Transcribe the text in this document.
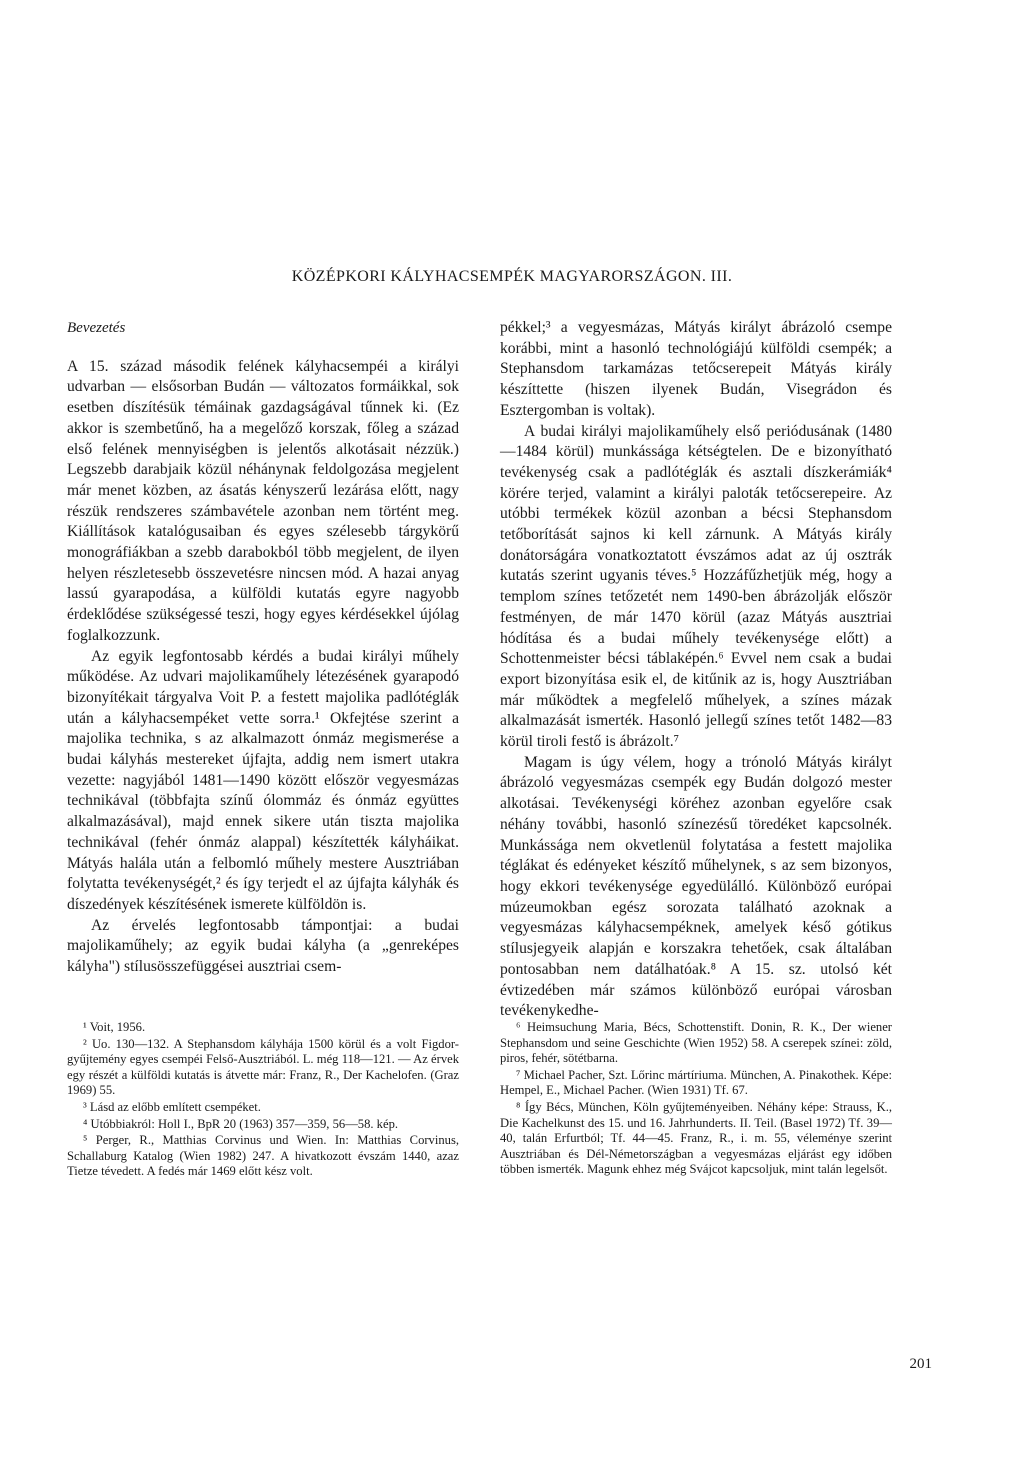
KÖZÉPKORI KÁLYHACSEMPÉK MAGYARORSZÁGON. III.
Bevezetés

A 15. század második felének kályhacsempéi a királyi udvarban — elsősorban Budán — változatos formáikkal, sok esetben díszítésük témáinak gazdagságával tűnnek ki. (Ez akkor is szembetűnő, ha a megelőző korszak, főleg a század első felének mennyiségben is jelentős alkotásait nézzük.) Legszebb darabjaik közül néhánynak feldolgozása megjelent már menet közben, az ásatás kényszerű lezárása előtt, nagy részük rendszeres számbavétele azonban nem történt meg. Kiállítások katalógusaiban és egyes szélesebb tárgykörű monográfiákban a szebb darabokból több megjelent, de ilyen helyen részletesebb összevetésre nincsen mód. A hazai anyag lassú gyarapodása, a külföldi kutatás egyre nagyobb érdeklődése szükségessé teszi, hogy egyes kérdésekkel újólag foglalkozzunk.

Az egyik legfontosabb kérdés a budai királyi műhely működése. Az udvari majolikaműhely létezésének gyarapodó bizonyítékait tárgyalva Voit P. a festett majolika padlótéglák után a kályhacsempéket vette sorra.¹ Okfejtése szerint a majolika technika, s az alkalmazott ónmáz megismerése a budai kályhás mestereket újfajta, addig nem ismert utakra vezette: nagyjából 1481—1490 között először vegyesmázas technikával (többfajta színű ólommáz és ónmáz együttes alkalmazásával), majd ennek sikere után tiszta majolika technikával (fehér ónmáz alappal) készítették kályháikat. Mátyás halála után a felbomló műhely mestere Ausztriában folytatta tevékenységét,² és így terjedt el az újfajta kályhák és díszedények készítésének ismerete külföldön is.

Az érvelés legfontosabb támpontjai: a budai majolikaműhely; az egyik budai kályha (a „genreképes kályha") stílusösszefüggései ausztriai csem-

pékkel;³ a vegyesmázas, Mátyás királyt ábrázoló csempe korábbi, mint a hasonló technológiájú külföldi csempék; a Stephansdom tarkamázas tetőcserepeit Mátyás király készíttette (hiszen ilyenek Budán, Visegrádon és Esztergomban is voltak).

A budai királyi majolikaműhely első periódusának (1480—1484 körül) munkássága kétségtelen. De e bizonyítható tevékenység csak a padlótéglák és asztali díszkerámiák⁴ körére terjed, valamint a királyi paloták tetőcserepeire. Az utóbbi termékek közül azonban a bécsi Stephansdom tetőborítását sajnos ki kell zárnunk. A Mátyás király donátorságára vonatkoztatott évszámos adat az új osztrák kutatás szerint ugyanis téves.⁵ Hozzáfűzhetjük még, hogy a templom színes tetőzetét nem 1490-ben ábrázolják először festményen, de már 1470 körül (azaz Mátyás ausztriai hódítása és a budai műhely tevékenysége előtt) a Schottenmeister bécsi táblaképén.⁶ Evvel nem csak a budai export bizonyítása esik el, de kitűnik az is, hogy Ausztriában már működtek a megfelelő műhelyek, a színes mázak alkalmazását ismerték. Hasonló jellegű színes tetőt 1482—83 körül tiroli festő is ábrázolt.⁷

Magam is úgy vélem, hogy a trónoló Mátyás királyt ábrázoló vegyesmázas csempék egy Budán dolgozó mester alkotásai. Tevékenységi köréhez azonban egyelőre csak néhány további, hasonló színezésű töredéket kapcsolnék. Munkássága nem okvetlenül folytatása a festett majolika téglákat és edényeket készítő műhelynek, s az sem bizonyos, hogy ekkori tevékenysége egyedülálló. Különböző európai múzeumokban egész sorozata található azoknak a vegyesmázas kályhacsempéknek, amelyek késő gótikus stílusjegyeik alapján e korszakra tehetőek, csak általában pontosabban nem datálhatóak.⁸ A 15. sz. utolsó két évtizedében már számos különböző európai városban tevékenykedhe-

¹ Voit, 1956.

² Uo. 130—132. A Stephansdom kályhája 1500 körül és a volt Figdor-gyűjtemény egyes csempéi Felső-Ausztriából. L. még 118—121. — Az érvek egy részét a külföldi kutatás is átvette már: Franz, R., Der Kachelofen. (Graz 1969) 55.

³ Lásd az előbb említett csempéket.

⁴ Utóbbiakról: Holl I., BpR 20 (1963) 357—359, 56—58. kép.

⁵ Perger, R., Matthias Corvinus und Wien. In: Matthias Corvinus, Schallaburg Katalog (Wien 1982) 247. A hivatkozott évszám 1440, azaz Tietze tévedett. A fedés már 1469 előtt kész volt.

⁶ Heimsuchung Maria, Bécs, Schottenstift. Donin, R. K., Der wiener Stephansdom und seine Geschichte (Wien 1952) 58. A cserepek színei: zöld, piros, fehér, sötétbarna.

⁷ Michael Pacher, Szt. Lőrinc mártíriuma. München, A. Pinakothek. Képe: Hempel, E., Michael Pacher. (Wien 1931) Tf. 67.

⁸ Így Bécs, München, Köln gyűjteményeiben. Néhány képe: Strauss, K., Die Kachelkunst des 15. und 16. Jahrhunderts. II. Teil. (Basel 1972) Tf. 39—40, talán Erfurtból; Tf. 44—45. Franz, R., i. m. 55, véleménye szerint Ausztriában és Dél-Németországban a vegyesmázas eljárást egy időben többen ismerték. Magunk ehhez még Svájcot kapcsoljuk, mint talán legelsőt.

201
